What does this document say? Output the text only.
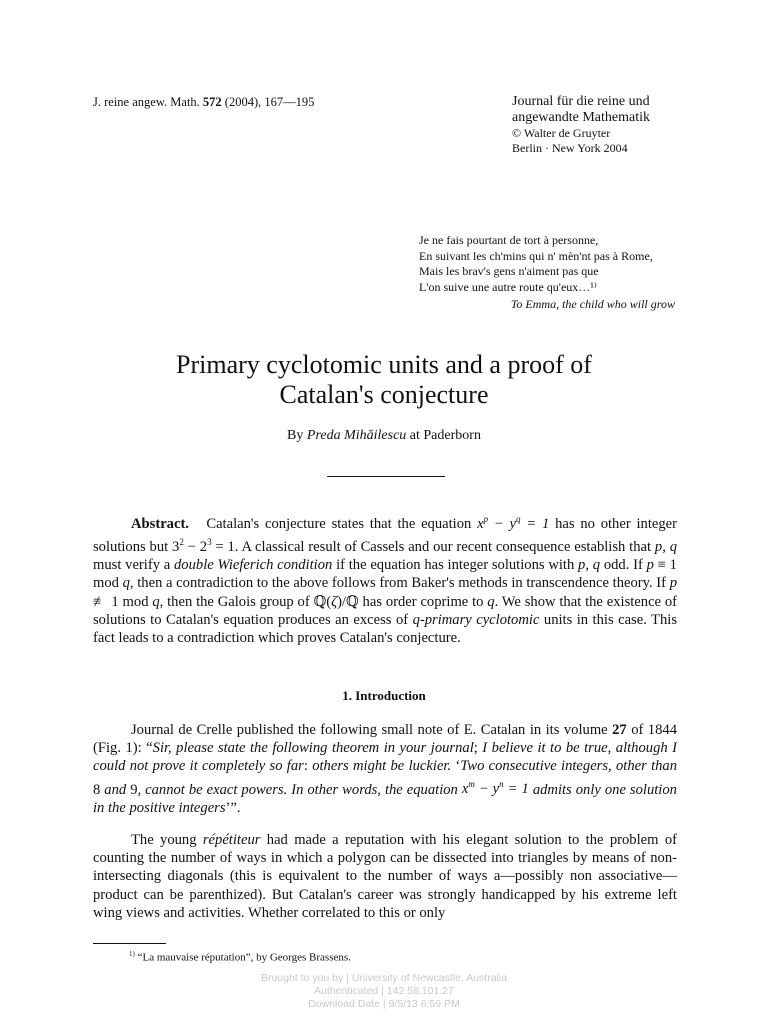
J. reine angew. Math. 572 (2004), 167—195	Journal für die reine und
angewandte Mathematik
© Walter de Gruyter
Berlin · New York 2004
Je ne fais pourtant de tort à personne,
En suivant les ch'mins qui n' mèn'nt pas à Rome,
Mais les brav's gens n'aiment pas que
L'on suive une autre route qu'eux…¹⁾
To Emma, the child who will grow
Primary cyclotomic units and a proof of
Catalan's conjecture
By Preda Mihăilescu at Paderborn

Abstract. Catalan's conjecture states that the equation $x^p - y^q = 1$ has no other integer solutions but $3^2 - 2^3 = 1$. A classical result of Cassels and our recent consequence establish that p, q must verify a double Wieferich condition if the equation has integer solutions with p, q odd. If p ≡ 1 mod q, then a contradiction to the above follows from Baker's methods in transcendence theory. If p ≢ 1 mod q, then the Galois group of ℚ(ζ)/ℚ has order coprime to q. We show that the existence of solutions to Catalan's equation produces an excess of q-primary cyclotomic units in this case. This fact leads to a contradiction which proves Catalan's conjecture.

1. Introduction

Journal de Crelle published the following small note of E. Catalan in its volume 27 of 1844 (Fig. 1): “Sir, please state the following theorem in your journal; I believe it to be true, although I could not prove it completely so far: others might be luckier. ‘Two consecutive integers, other than 8 and 9, cannot be exact powers. In other words, the equation $x^m - y^n = 1$ admits only one solution in the positive integers’”.

The young répétiteur had made a reputation with his elegant solution to the problem of counting the number of ways in which a polygon can be dissected into triangles by means of non-intersecting diagonals (this is equivalent to the number of ways a—possibly non associative—product can be parenthized). But Catalan's career was strongly handicapped by his extreme left wing views and activities. Whether correlated to this or only

$^{1)}$ “La mauvaise réputation”, by Georges Brassens.
Brought to you by | University of Newcastle, Australia
Authenticated | 142.58.101.27
Download Date | 9/5/13 6:59 PM
